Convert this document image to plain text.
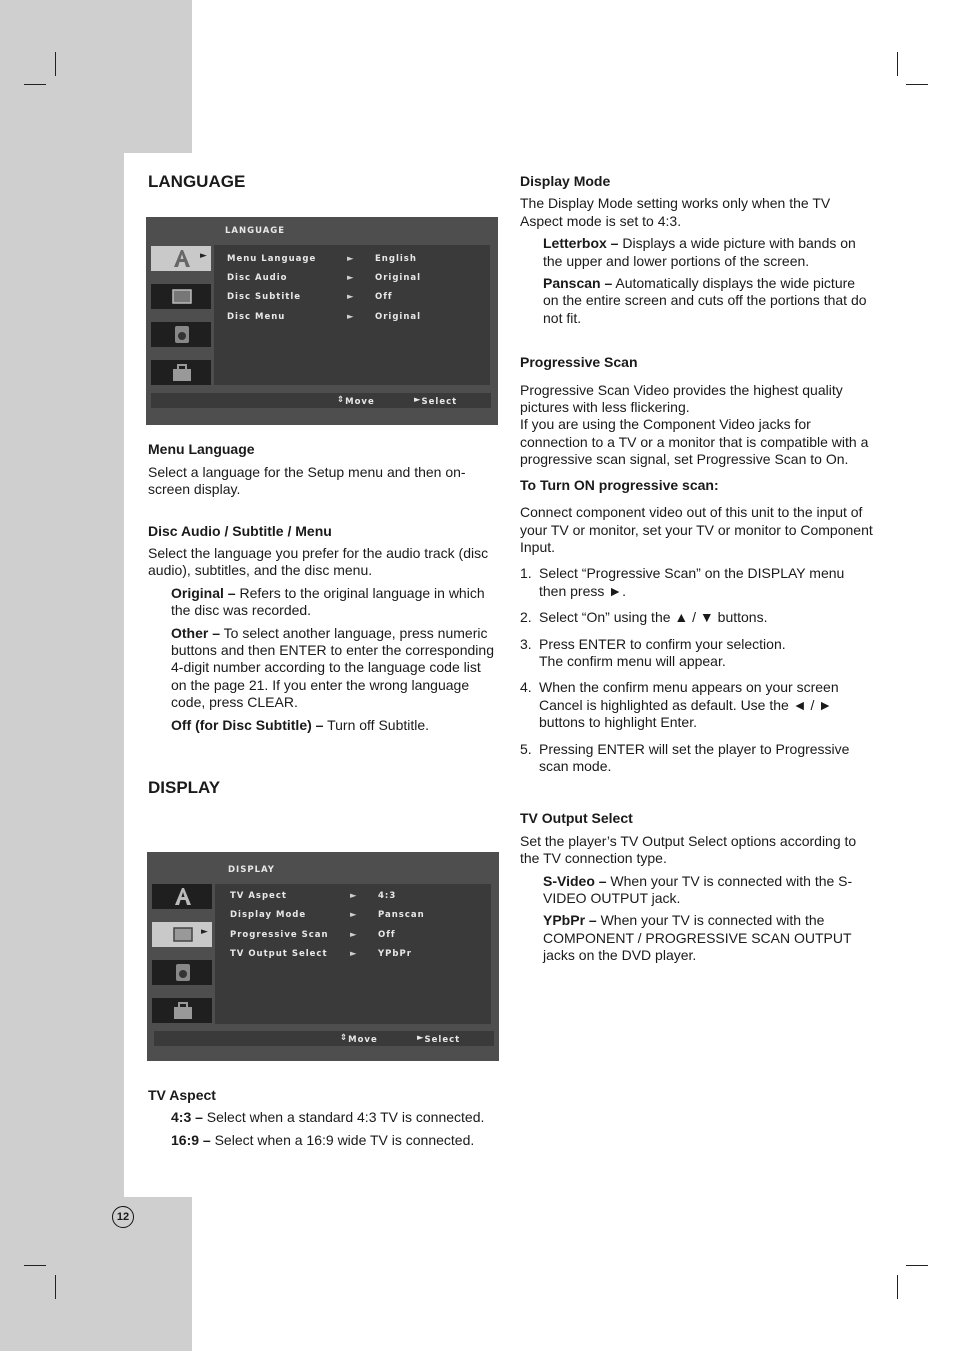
LANGUAGE
Menu Language

Select a language for the Setup menu and then on-screen display.

Disc Audio / Subtitle / Menu

Select the language you prefer for the audio track (disc audio), subtitles, and the disc menu.

Original – Refers to the original language in which the disc was recorded.

Other – To select another language, press numeric buttons and then ENTER to enter the corresponding 4-digit number according to the language code list on the page 21. If you enter the wrong language code, press CLEAR.

Off (for Disc Subtitle) – Turn off Subtitle.

DISPLAY
TV Aspect

4:3 – Select when a standard 4:3 TV is connected.

16:9 – Select when a 16:9 wide TV is connected.

LANGUAGE
► Menu Language	► English
Disc Audio	► Original
Disc Subtitle	► Off
Disc Menu	► Original
⇕ Move	► Select
DISPLAY
►
TV Aspect	► 4:3
Display Mode	► Panscan
Progressive Scan	► Off
TV Output Select	► YPbPr
⇕ Move	► Select
Display Mode

The Display Mode setting works only when the TV Aspect mode is set to 4:3.

Letterbox – Displays a wide picture with bands on the upper and lower portions of the screen.

Panscan – Automatically displays the wide picture on the entire screen and cuts off the portions that do not fit.

Progressive Scan

Progressive Scan Video provides the highest quality pictures with less flickering.
If you are using the Component Video jacks for connection to a TV or a monitor that is compatible with a progressive scan signal, set Progressive Scan to On.

To Turn ON progressive scan:

Connect component video out of this unit to the input of your TV or monitor, set your TV or monitor to Component Input.

1. Select “Progressive Scan” on the DISPLAY menu then press ►.
2. Select “On” using the ▲ / ▼ buttons.
3. Press ENTER to confirm your selection.
The confirm menu will appear.
4. When the confirm menu appears on your screen Cancel is highlighted as default. Use the ◄ / ► buttons to highlight Enter.
5. Pressing ENTER will set the player to Progressive scan mode.
TV Output Select

Set the player’s TV Output Select options according to the TV connection type.

S-Video – When your TV is connected with the S-VIDEO OUTPUT jack.

YPbPr – When your TV is connected with the COMPONENT / PROGRESSIVE SCAN OUTPUT jacks on the DVD player.

12
